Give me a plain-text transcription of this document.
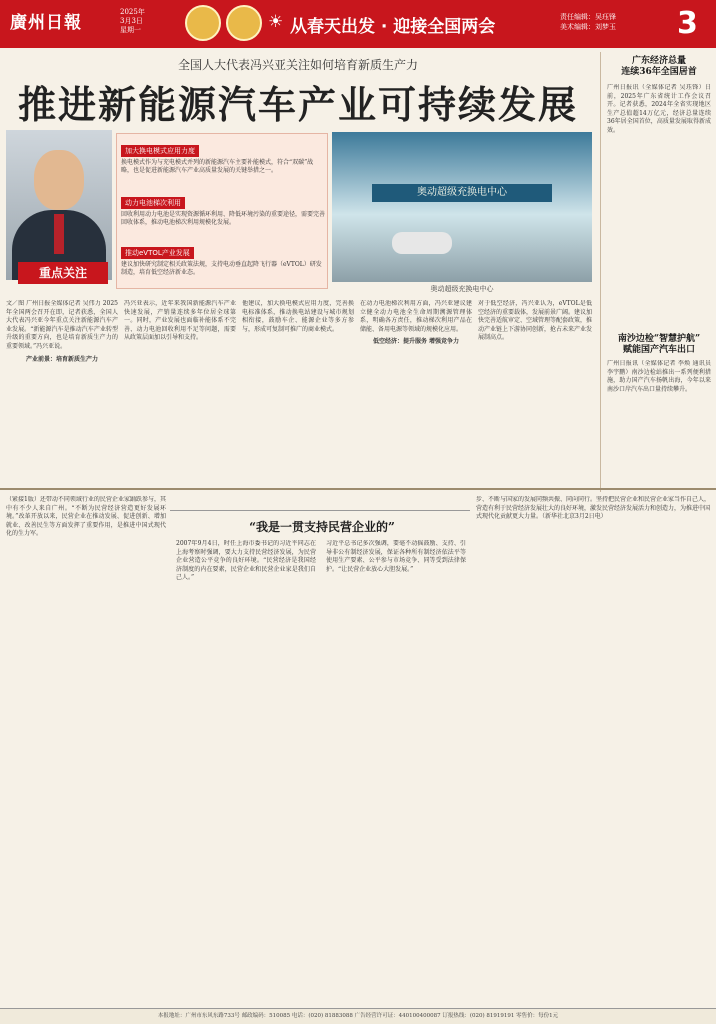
廣州日報
2025年
3月3日
星期一	☀ 从春天出发 · 迎接全国两会	责任编辑：吴珏锋
美术编辑：刘梦玉 3
全国人大代表冯兴亚关注如何培育新质生产力
推进新能源汽车产业可持续发展
重点关注
加大换电模式应用力度
换电模式作为与充电模式并列的新能源汽车主要补能模式，符合“双碳”战略，也是促进新能源汽车产业高质量发展的关键举措之一。
动力电池梯次利用
回收利用动力电池是实现资源循环利用、降低环境污染的重要途径，需要完善回收体系，推动电池梯次利用规模化发展。
推动eVTOL产业发展
建议加快研究制定相关政策法规，支持电动垂直起降飞行器（eVTOL）研发制造，培育低空经济新业态。
奥动超级充换电中心
奥动超级充换电中心
文／图 广州日报全媒体记者 吴伟力 2025年全国两会召开在即，记者获悉，全国人大代表冯兴亚今年重点关注新能源汽车产业发展。“新能源汽车是推动汽车产业转型升级的重要方向，也是培育新质生产力的重要领域。”冯兴亚说。
产业前景：培育新质生产力
冯兴亚表示，近年来我国新能源汽车产业快速发展，产销量连续多年位居全球第一。同时，产业发展也面临补能体系不完善、动力电池回收利用不足等问题，需要从政策层面加以引导和支持。
他建议，加大换电模式应用力度，完善换电标准体系，推动换电站建设与城市规划相衔接，鼓励车企、能源企业等多方参与，形成可复制可推广的商业模式。
在动力电池梯次利用方面，冯兴亚建议建立健全动力电池全生命周期溯源管理体系，明确各方责任，推动梯次利用产品在储能、备用电源等领域的规模化应用。
低空经济：提升服务 增强竞争力
对于低空经济，冯兴亚认为，eVTOL是低空经济的重要载体，发展前景广阔。建议加快完善适航审定、空域管理等配套政策，推动产业链上下游协同创新，抢占未来产业发展制高点。
广东经济总量
连续36年全国居首
广州日报讯（全媒体记者 吴珏锋）日前，2025年广东省统计工作会议召开。记者获悉，2024年全省实现地区生产总值超14万亿元，经济总量连续36年居全国首位，高质量发展取得新成效。
南沙边检“智慧护航”
赋能国产汽车出口
广州日报讯（全媒体记者 李焕 通讯员 李宇鹏）南沙边检站推出一系列便利措施，助力国产汽车扬帆出海，今年以来南沙口岸汽车出口量持续攀升。
“我是一贯支持民营企业的”
（紧接1版）还带动不同领域行业的民营企业家踊跃参与，其中有不少人来自广州。“不断为民营经济营造更好发展环境。”改革开放以来，民营企业在推动发展、促进创新、增加就业、改善民生等方面发挥了重要作用，是推进中国式现代化的生力军。
2007年9月4日，时任上海市委书记的习近平同志在上海考察时强调，要大力支持民营经济发展，为民营企业营造公平竞争的良好环境。“民营经济是我国经济制度的内在要素，民营企业和民营企业家是我们自己人。”
习近平总书记多次强调，要毫不动摇鼓励、支持、引导非公有制经济发展，保证各种所有制经济依法平等使用生产要素、公平参与市场竞争、同等受到法律保护。“让民营企业放心大胆发展。”
步、不断与国家的发展同频共振、同向同行。坚持把民营企业和民营企业家当作自己人，营造有利于民营经济发展壮大的良好环境，激发民营经济发展活力和创造力，为推进中国式现代化贡献更大力量。（新华社北京3月2日电）
本报地址：广州市东风东路733号 邮政编码：510085 电话：(020) 81883088 广告经营许可证：440100400087 订报热线：(020) 81919191 零售价：每份1元
